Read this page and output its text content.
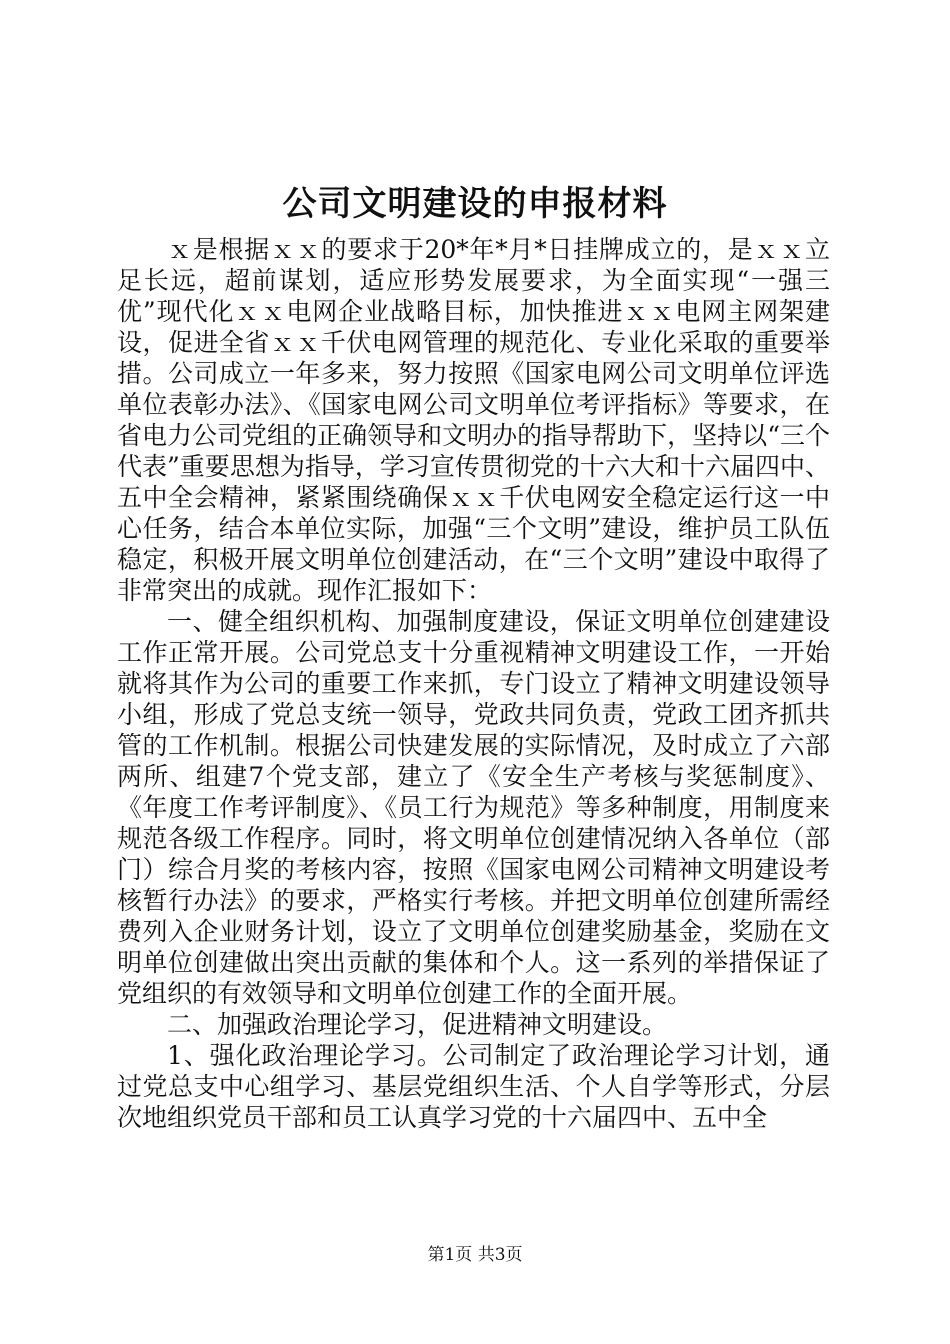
公司文明建设的申报材料

ｘ是根据ｘｘ的要求于20*年*月*日挂牌成立的，是ｘｘ立足长远，超前谋划，适应形势发展要求，为全面实现“一强三优”现代化ｘｘ电网企业战略目标，加快推进ｘｘ电网主网架建设，促进全省ｘｘ千伏电网管理的规范化、专业化采取的重要举措。公司成立一年多来，努力按照《国家电网公司文明单位评选单位表彰办法》、《国家电网公司文明单位考评指标》等要求，在省电力公司党组的正确领导和文明办的指导帮助下，坚持以“三个代表”重要思想为指导，学习宣传贯彻党的十六大和十六届四中、五中全会精神，紧紧围绕确保ｘｘ千伏电网安全稳定运行这一中心任务，结合本单位实际，加强“三个文明”建设，维护员工队伍稳定，积极开展文明单位创建活动，在“三个文明”建设中取得了非常突出的成就。现作汇报如下：

一、健全组织机构、加强制度建设，保证文明单位创建建设工作正常开展。公司党总支十分重视精神文明建设工作，一开始就将其作为公司的重要工作来抓，专门设立了精神文明建设领导小组，形成了党总支统一领导，党政共同负责，党政工团齐抓共管的工作机制。根据公司快建发展的实际情况，及时成立了六部两所、组建7个党支部，建立了《安全生产考核与奖惩制度》、《年度工作考评制度》、《员工行为规范》等多种制度，用制度来规范各级工作程序。同时，将文明单位创建情况纳入各单位（部门）综合月奖的考核内容，按照《国家电网公司精神文明建设考核暂行办法》的要求，严格实行考核。并把文明单位创建所需经费列入企业财务计划，设立了文明单位创建奖励基金，奖励在文明单位创建做出突出贡献的集体和个人。这一系列的举措保证了党组织的有效领导和文明单位创建工作的全面开展。

二、加强政治理论学习，促进精神文明建设。

1、强化政治理论学习。公司制定了政治理论学习计划，通过党总支中心组学习、基层党组织生活、个人自学等形式，分层次地组织党员干部和员工认真学习党的十六届四中、五中全

第1页 共3页
